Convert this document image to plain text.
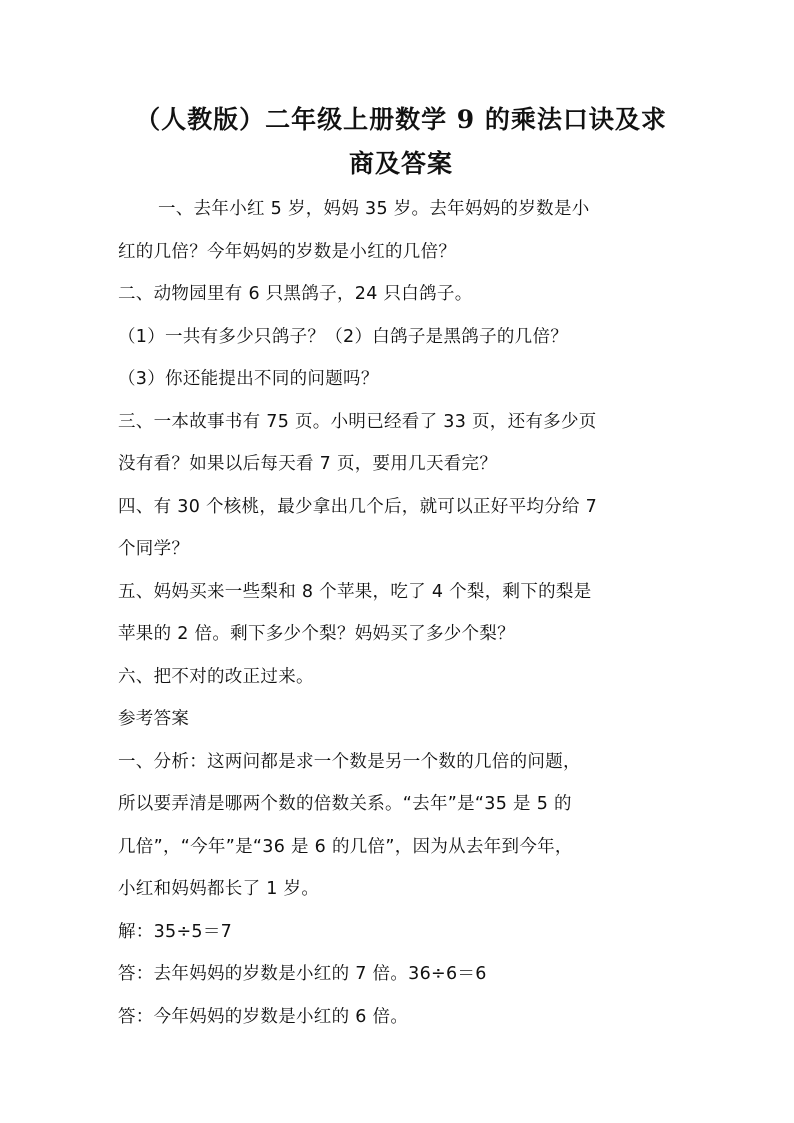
（人教版）二年级上册数学 9 的乘法口诀及求
商及答案

一、去年小红 5 岁，妈妈 35 岁。去年妈妈的岁数是小

红的几倍？今年妈妈的岁数是小红的几倍？

二、动物园里有 6 只黑鸽子，24 只白鸽子。

（1）一共有多少只鸽子？（2）白鸽子是黑鸽子的几倍？

（3）你还能提出不同的问题吗？

三、一本故事书有 75 页。小明已经看了 33 页，还有多少页

没有看？如果以后每天看 7 页，要用几天看完？

四、有 30 个核桃，最少拿出几个后，就可以正好平均分给 7

个同学？

五、妈妈买来一些梨和 8 个苹果，吃了 4 个梨，剩下的梨是

苹果的 2 倍。剩下多少个梨？妈妈买了多少个梨？

六、把不对的改正过来。

参考答案

一、分析：这两问都是求一个数是另一个数的几倍的问题，

所以要弄清是哪两个数的倍数关系。“去年”是“35 是 5 的

几倍”，“今年”是“36 是 6 的几倍”，因为从去年到今年，

小红和妈妈都长了 1 岁。

解：35÷5＝7

答：去年妈妈的岁数是小红的 7 倍。36÷6＝6

答：今年妈妈的岁数是小红的 6 倍。
